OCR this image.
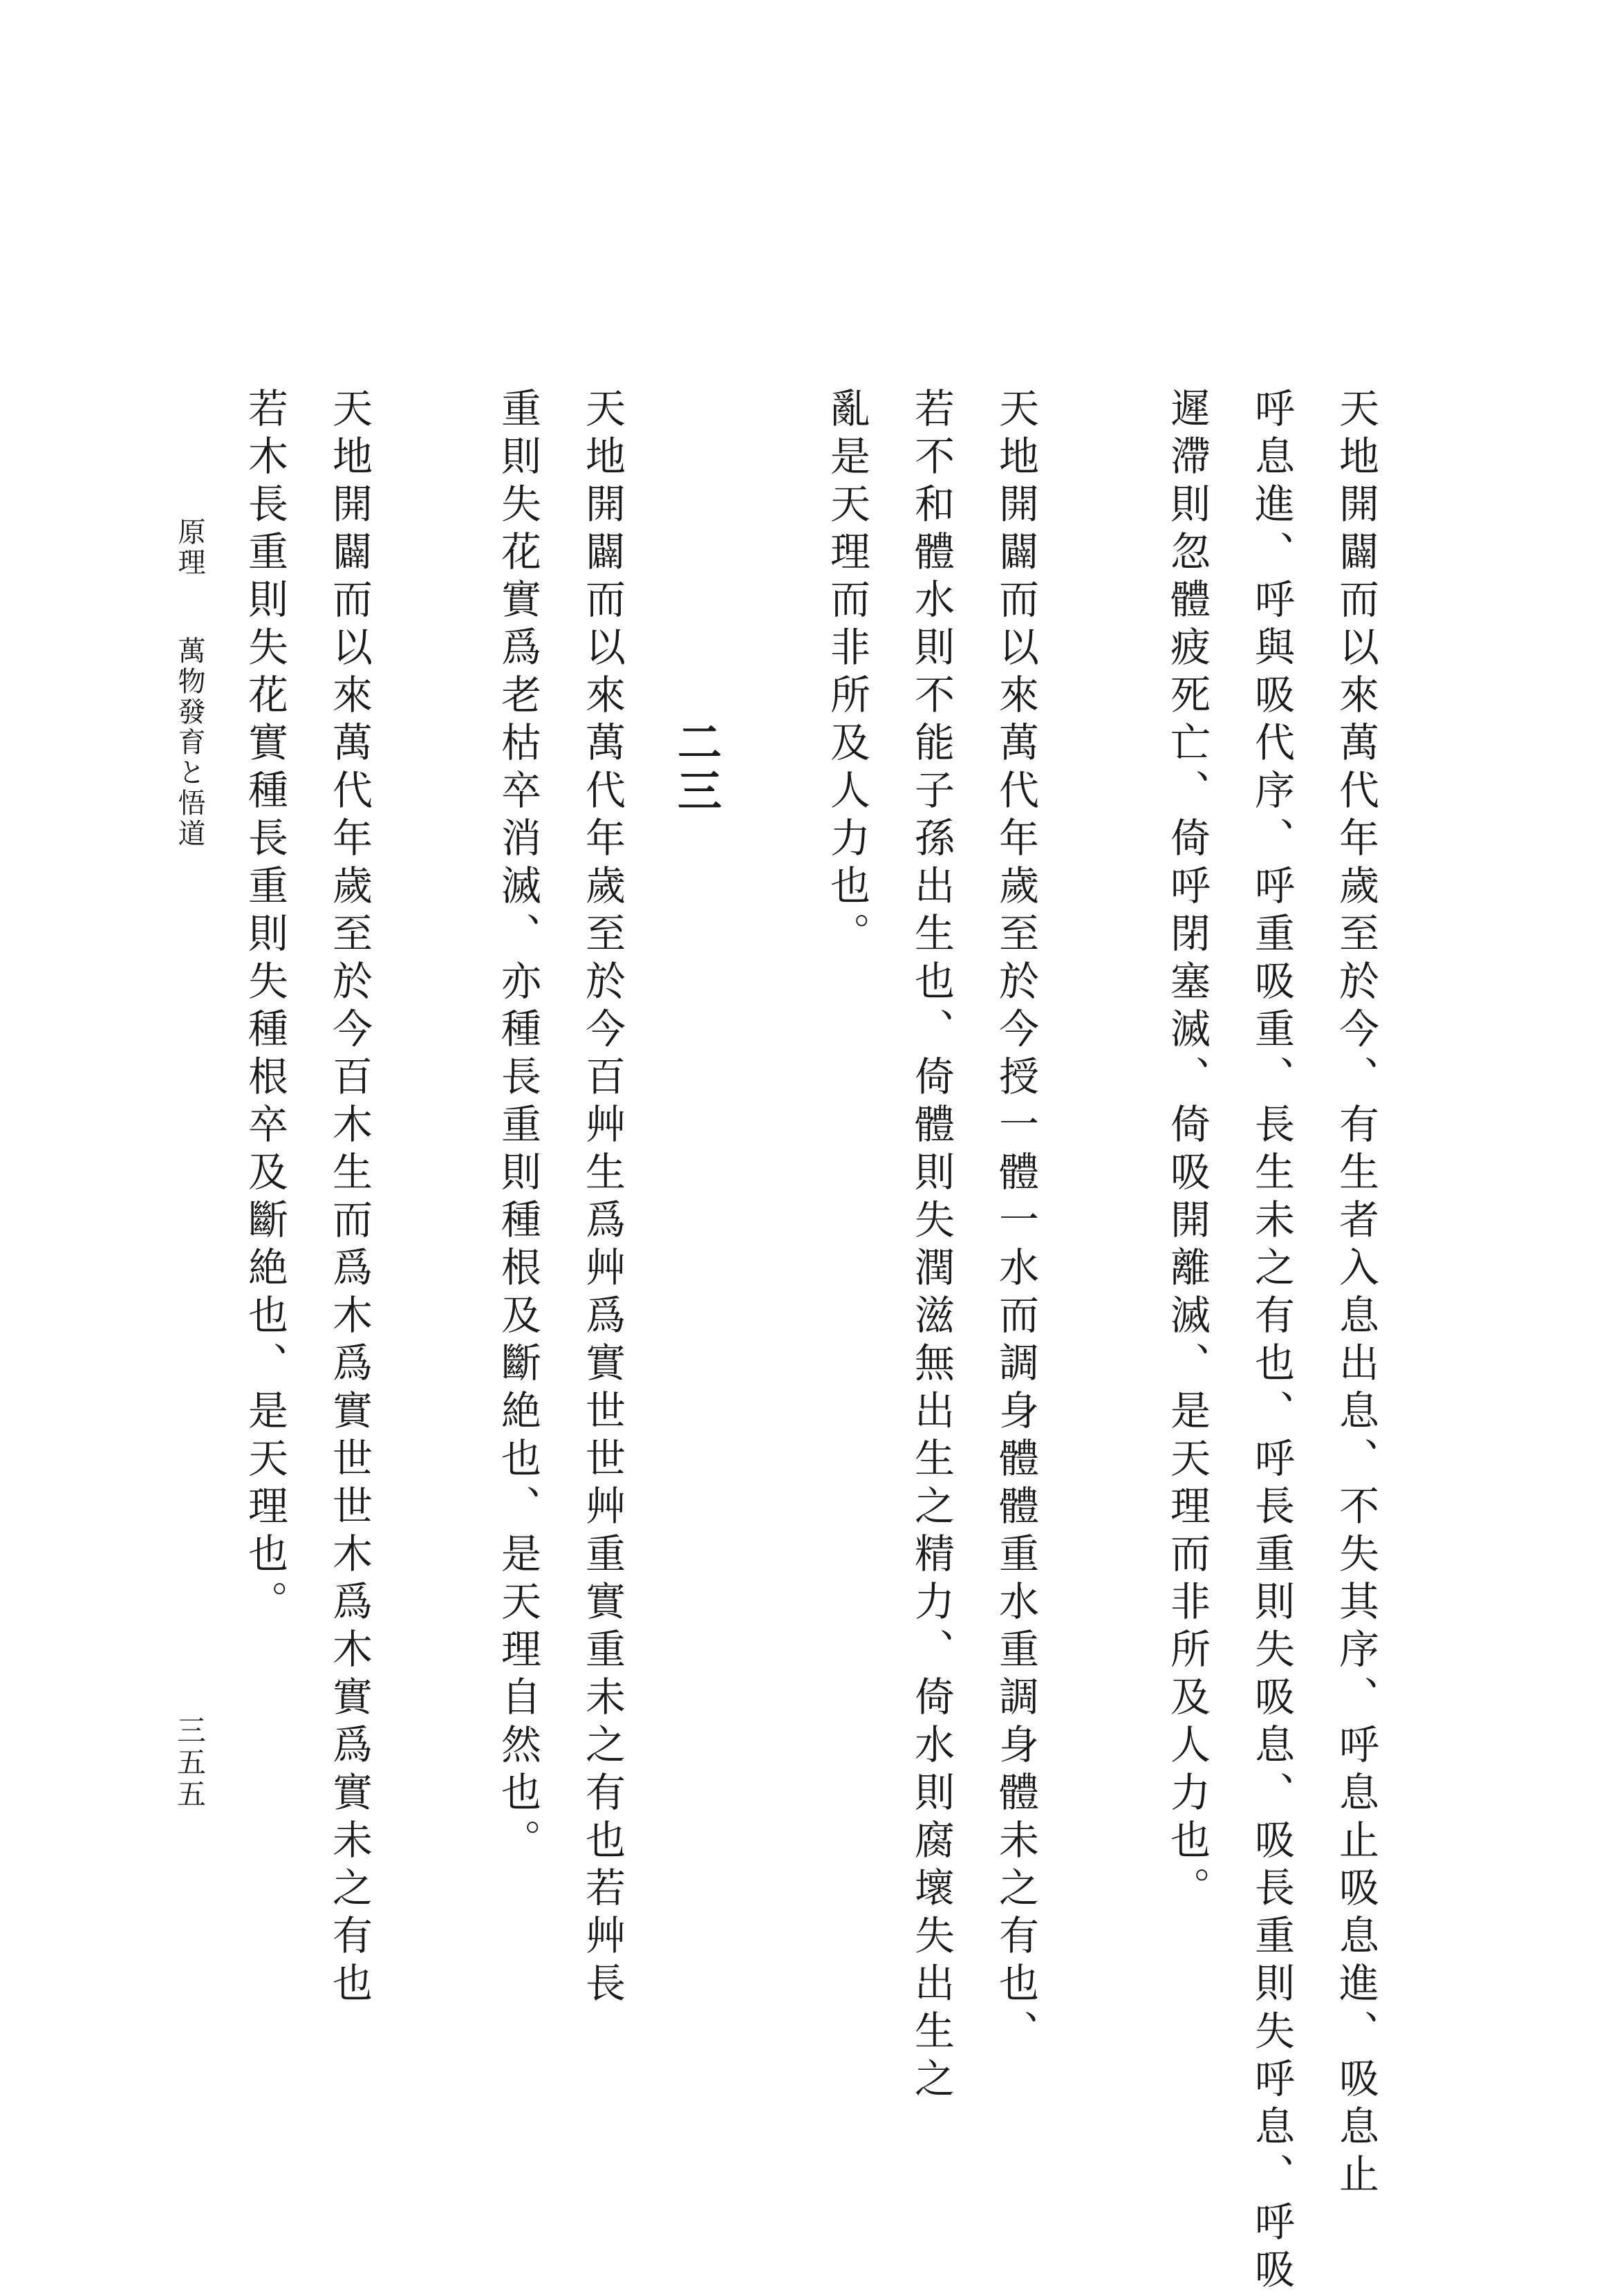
天地開闢而以來萬代年歲至於今、有生者入息出息、不失其序、呼息止吸息進、吸息止
呼息進、呼與吸代序、呼重吸重、長生未之有也、呼長重則失吸息、吸長重則失呼息、呼吸
遲滯則忽體疲死亡、倚呼閉塞滅、倚吸開離滅、是天理而非所及人力也。
天地開闢而以來萬代年歲至於今授一體一水而調身體體重水重調身體未之有也、
若不和體水則不能子孫出生也、倚體則失潤滋無出生之精力、倚水則腐壞失出生之
亂是天理而非所及人力也。
二三
天地開闢而以來萬代年歲至於今百艸生爲艸爲實世世艸重實重未之有也若艸長
重則失花實爲老枯卒消滅、亦種長重則種根及斷絶也、是天理自然也。
天地開闢而以來萬代年歲至於今百木生而爲木爲實世世木爲木實爲實未之有也
若木長重則失花實種長重則失種根卒及斷絶也、是天理也。
原理
萬物發育と悟道
三五五
